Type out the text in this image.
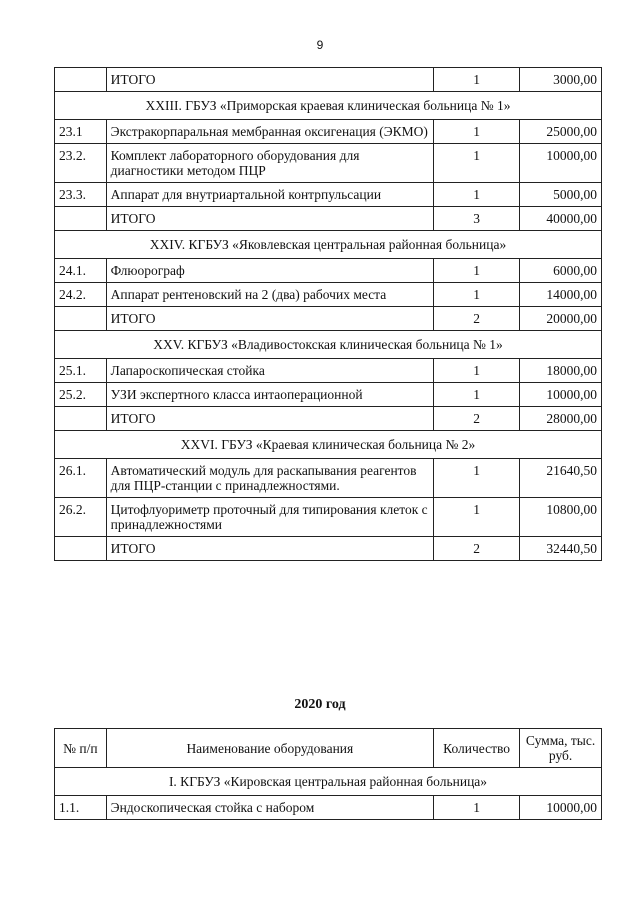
9
	ИТОГО	1	3000,00
XXIII. ГБУЗ «Приморская краевая клиническая больница № 1»			
23.1	Экстракорпаральная мембранная оксигенация (ЭКМО)	1	25000,00
23.2.	Комплект лабораторного оборудования для диагностики методом ПЦР	1	10000,00
23.3.	Аппарат для внутриартальной контрпульсации	1	5000,00
	ИТОГО	3	40000,00
XXIV. КГБУЗ «Яковлевская центральная районная больница»			
24.1.	Флюорограф	1	6000,00
24.2.	Аппарат рентеновский на 2 (два) рабочих места	1	14000,00
	ИТОГО	2	20000,00
XXV. КГБУЗ «Владивостокская клиническая больница № 1»			
25.1.	Лапароскопическая стойка	1	18000,00
25.2.	УЗИ экспертного класса интаоперационной	1	10000,00
	ИТОГО	2	28000,00
XXVI. ГБУЗ «Краевая клиническая больница № 2»			
26.1.	Автоматический модуль для раскапывания реагентов для ПЦР-станции с принадлежностями.	1	21640,50
26.2.	Цитофлуориметр проточный для типирования клеток с принадлежностями	1	10800,00
	ИТОГО	2	32440,50
2020 год
№ п/п	Наименование оборудования	Количество	Сумма, тыс. руб.
I. КГБУЗ «Кировская центральная районная больница»			
1.1.	Эндоскопическая стойка с набором	1	10000,00
